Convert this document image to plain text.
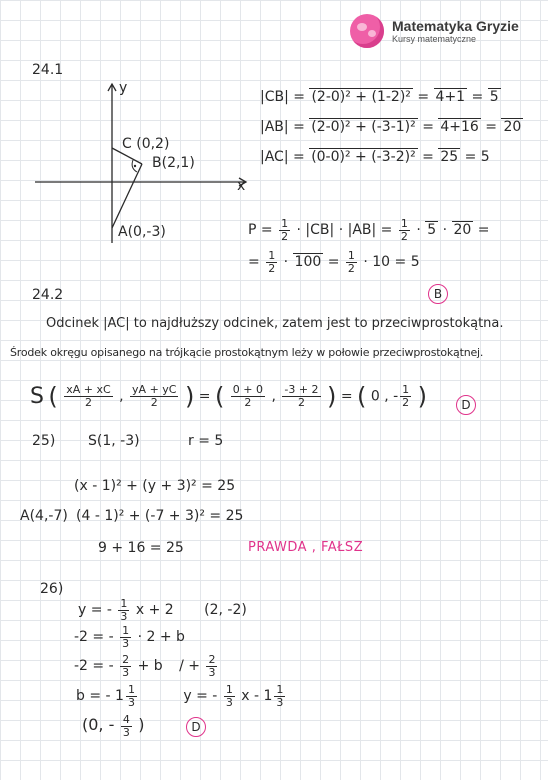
Matematyka Gryzie
Kursy matematyczne
24.1
y
x
C (0,2)
B(2,1)
A(0,-3)
|CB| = (2-0)² + (1-2)² = 4+1 = 5
|AB| = (2-0)² + (-3-1)² = 4+16 = 20
|AC| = (0-0)² + (-3-2)² = 25 = 5
$P = \frac{1}{2} \cdot |CB| \cdot |AB| = \frac{1}{2} \cdot 5 \cdot 20$ =
= $\frac{1}{2} \cdot 100 = \frac{1}{2} \cdot 10 = 5$
24.2	B
Odcinek |AC| to najdłuższy odcinek, zatem jest to przeciwprostokątna.
Środek okręgu opisanego na trójkącie prostokątnym leży w połowie przeciwprostokątnej.
S ( $\frac{xA + xC}{2}$ , $\frac{yA + yC}{2}$ ) = ( $\frac{0 + 0}{2}$ , $\frac{-3 + 2}{2}$ ) = ( 0 , - $\frac{1}{2}$ )	D
25) S(1, -3)	r = 5
(x - 1)² + (y + 3)² = 25
A(4,-7) (4 - 1)² + (-7 + 3)² = 25
9 + 16 = 25	PRAWDA , FAŁSZ
26)
y = - $\frac{1}{3}$ x + 2 (2, -2)
-2 = - $\frac{1}{3} \cdot 2 + b$
-2 = - $\frac{2}{3} + b$ / + $\frac{2}{3}$
b = - $1 \frac{1}{3}$	y = - $\frac{1}{3}$ x - $1 \frac{1}{3}$
(0, - $\frac{4}{3}$ )	D
